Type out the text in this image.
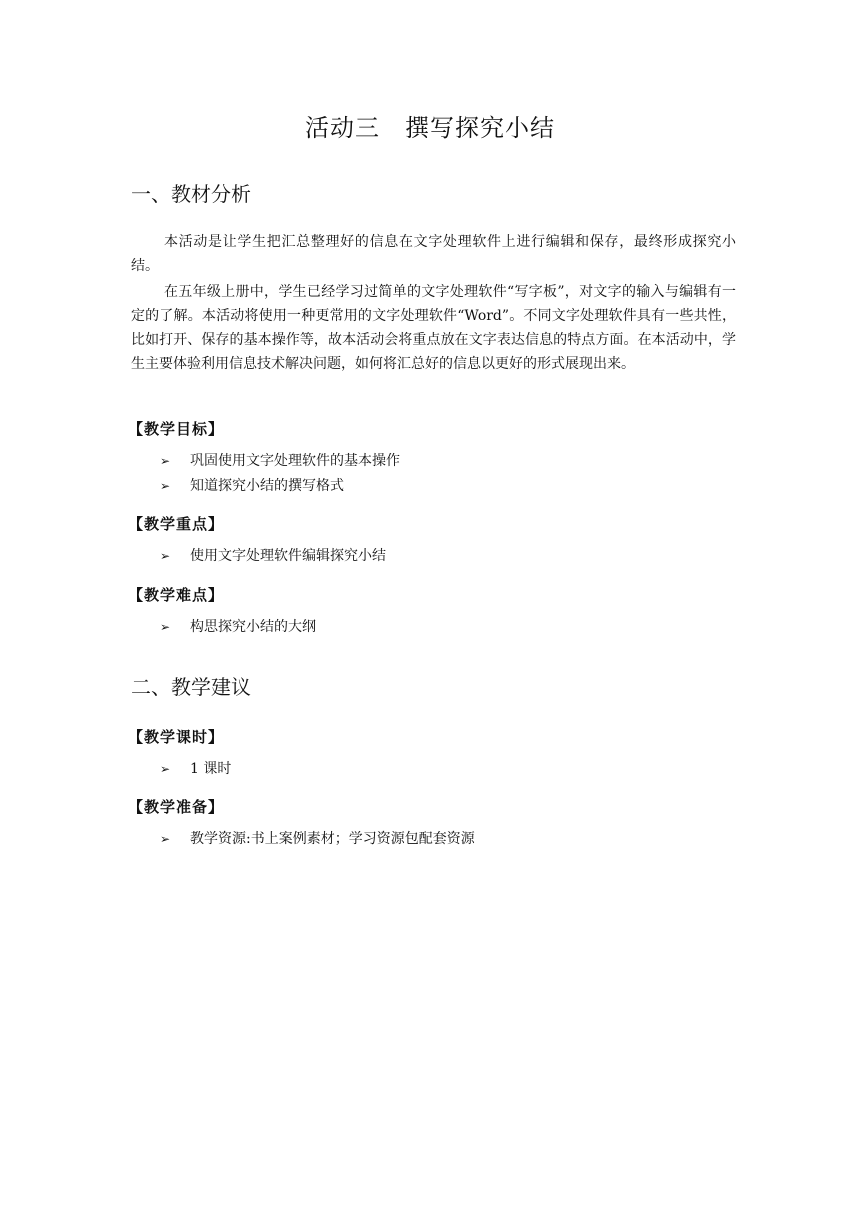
活动三　撰写探究小结
一、教材分析

本活动是让学生把汇总整理好的信息在文字处理软件上进行编辑和保存，最终形成探究小结。

在五年级上册中，学生已经学习过简单的文字处理软件“写字板”，对文字的输入与编辑有一定的了解。本活动将使用一种更常用的文字处理软件“Word”。不同文字处理软件具有一些共性，比如打开、保存的基本操作等，故本活动会将重点放在文字表达信息的特点方面。在本活动中，学生主要体验利用信息技术解决问题，如何将汇总好的信息以更好的形式展现出来。

【教学目标】
➢ 巩固使用文字处理软件的基本操作
➢ 知道探究小结的撰写格式
【教学重点】
➢ 使用文字处理软件编辑探究小结
【教学难点】
➢ 构思探究小结的大纲
二、教学建议
【教学课时】
➢ 1 课时
【教学准备】
➢ 教学资源:书上案例素材；学习资源包配套资源
